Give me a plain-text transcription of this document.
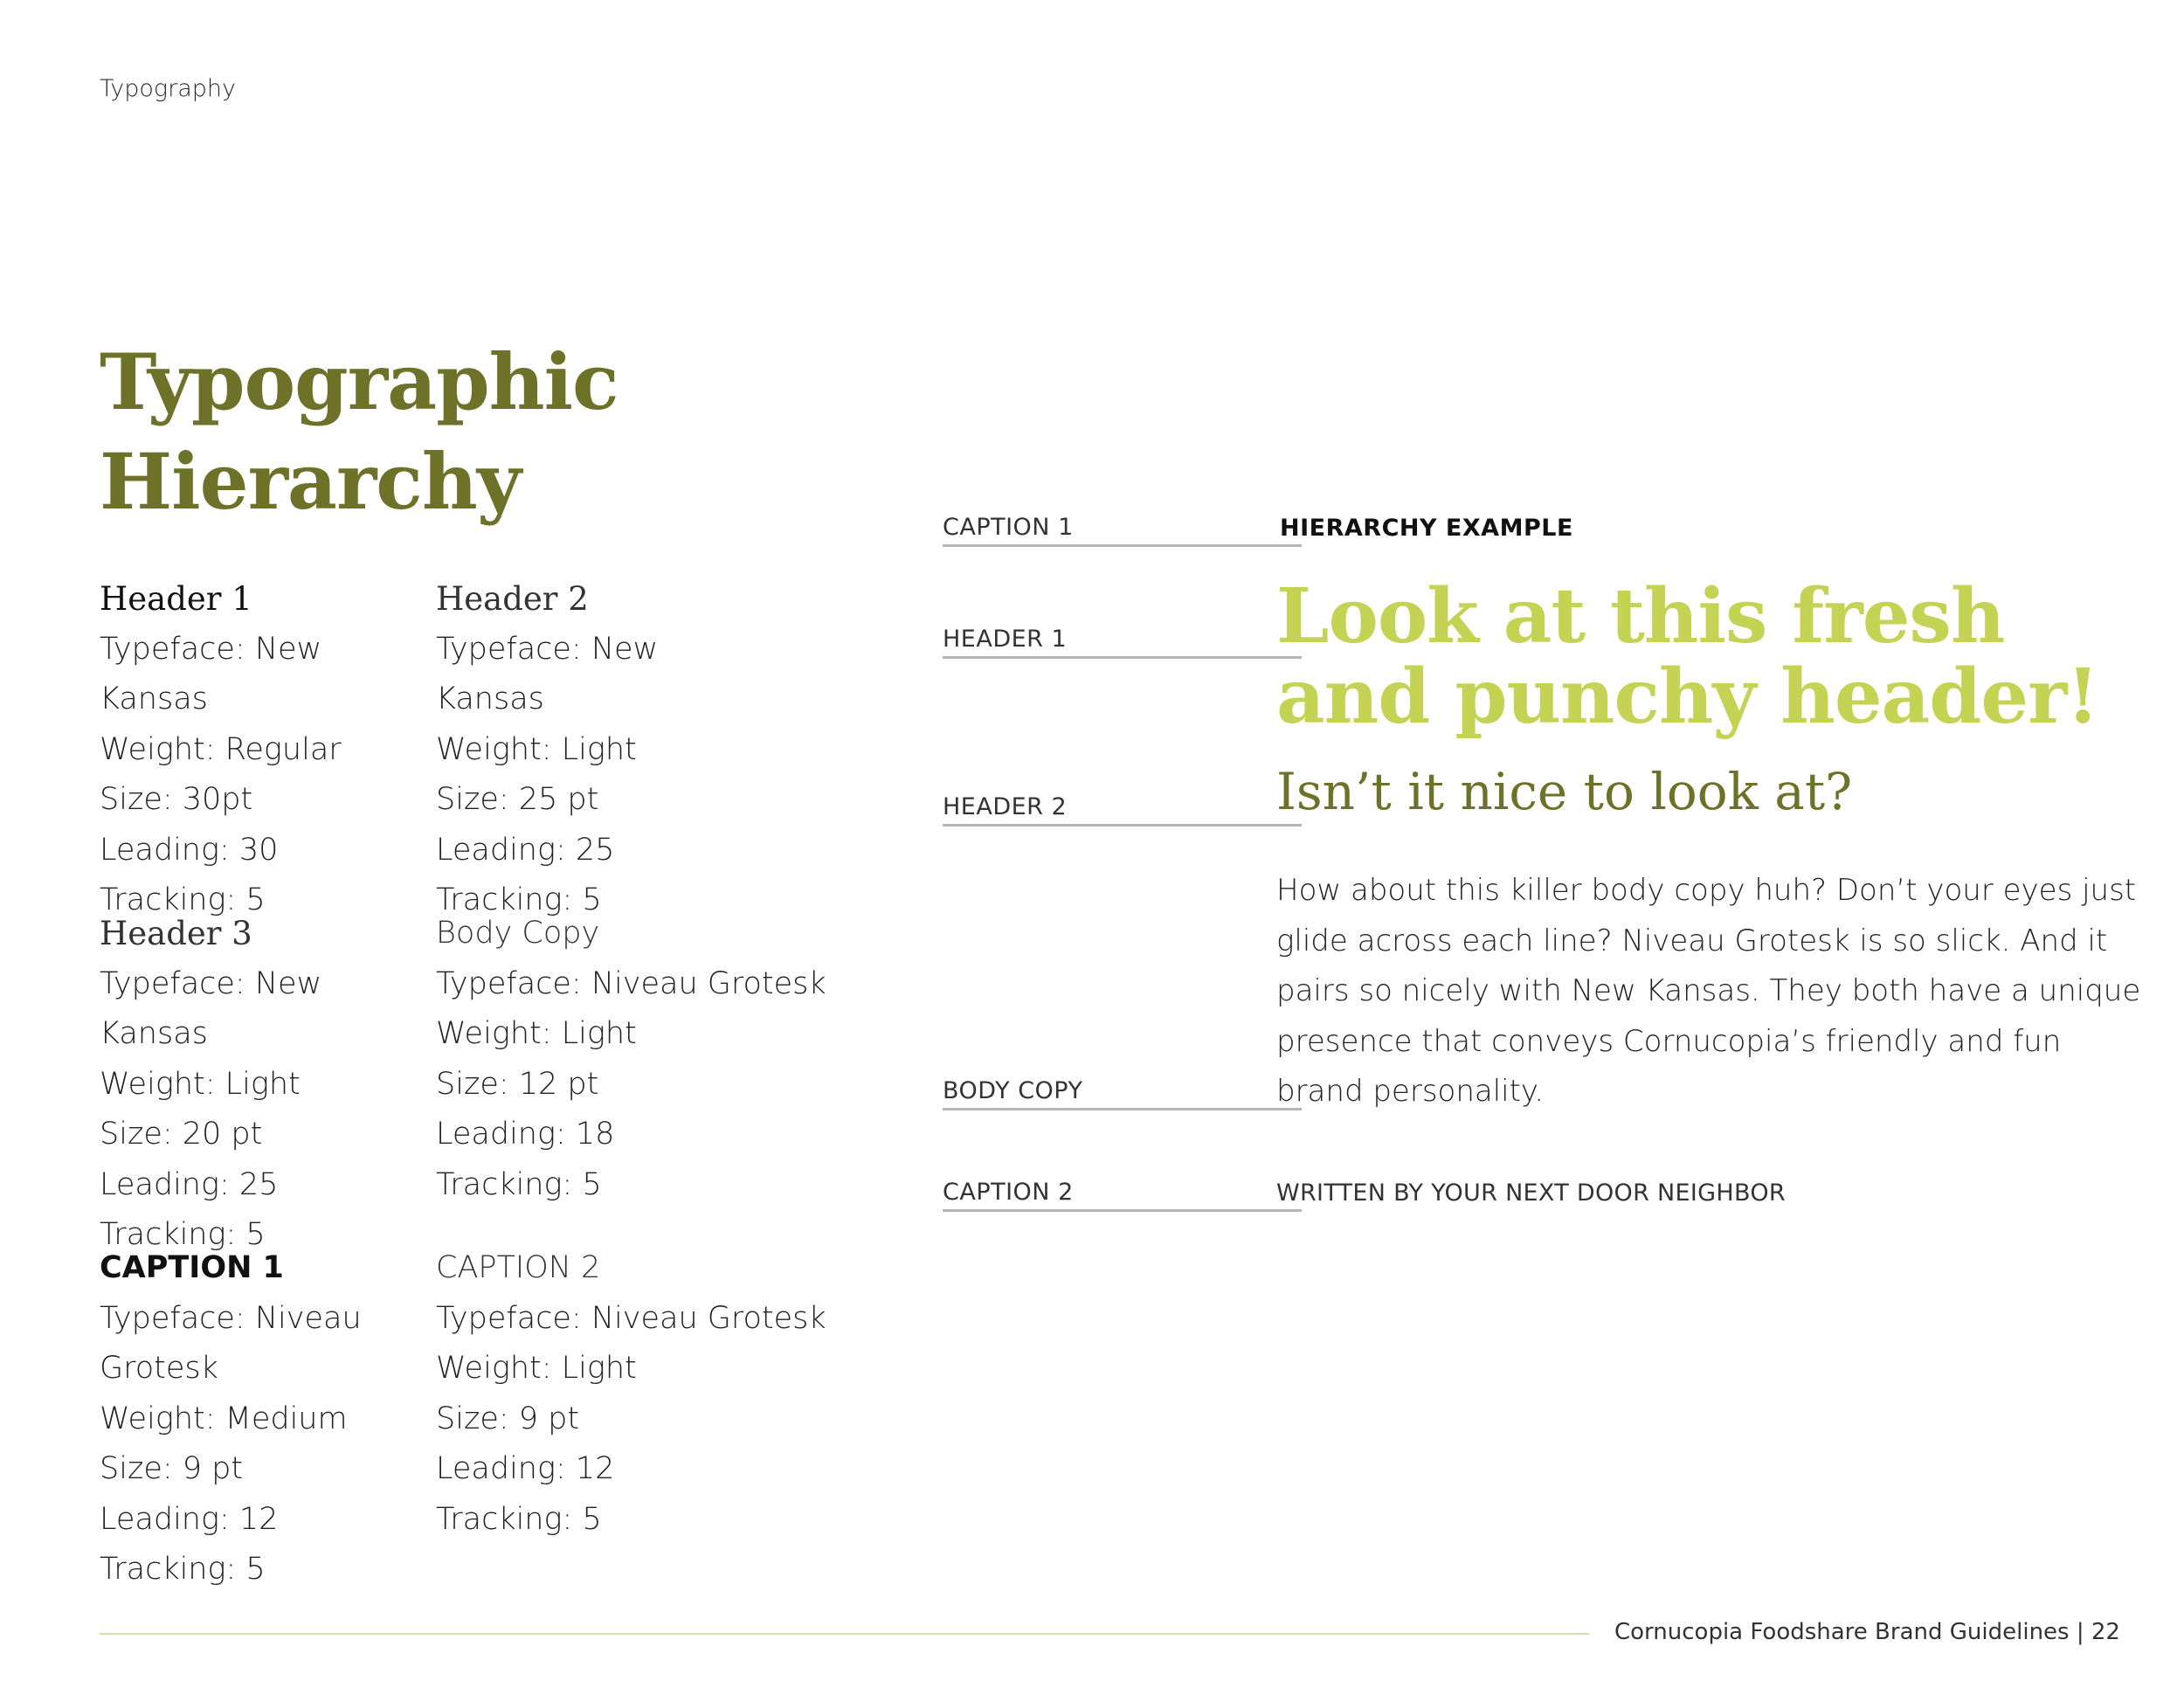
Typography
Typographic
Hierarchy
Header 1
Typeface: New Kansas
Weight: Regular
Size: 30pt
Leading: 30
Tracking: 5
Header 2
Typeface: New Kansas
Weight: Light
Size: 25 pt
Leading: 25
Tracking: 5
Header 3
Typeface: New Kansas
Weight: Light
Size: 20 pt
Leading: 25
Tracking: 5
Body Copy
Typeface: Niveau Grotesk
Weight: Light
Size: 12 pt
Leading: 18
Tracking: 5
CAPTION 1
Typeface: Niveau
Grotesk
Weight: Medium
Size: 9 pt
Leading: 12
Tracking: 5
CAPTION 2
Typeface: Niveau Grotesk
Weight: Light
Size: 9 pt
Leading: 12
Tracking: 5
CAPTION 1
HEADER 1
HEADER 2
BODY COPY
CAPTION 2
HIERARCHY EXAMPLE
Look at this fresh
and punchy header!
Isn’t it nice to look at?
How about this killer body copy huh? Don’t your eyes just
glide across each line? Niveau Grotesk is so slick. And it
pairs so nicely with New Kansas. They both have a unique
presence that conveys Cornucopia’s friendly and fun
brand personality.
WRITTEN BY YOUR NEXT DOOR NEIGHBOR
Cornucopia Foodshare Brand Guidelines | 22
